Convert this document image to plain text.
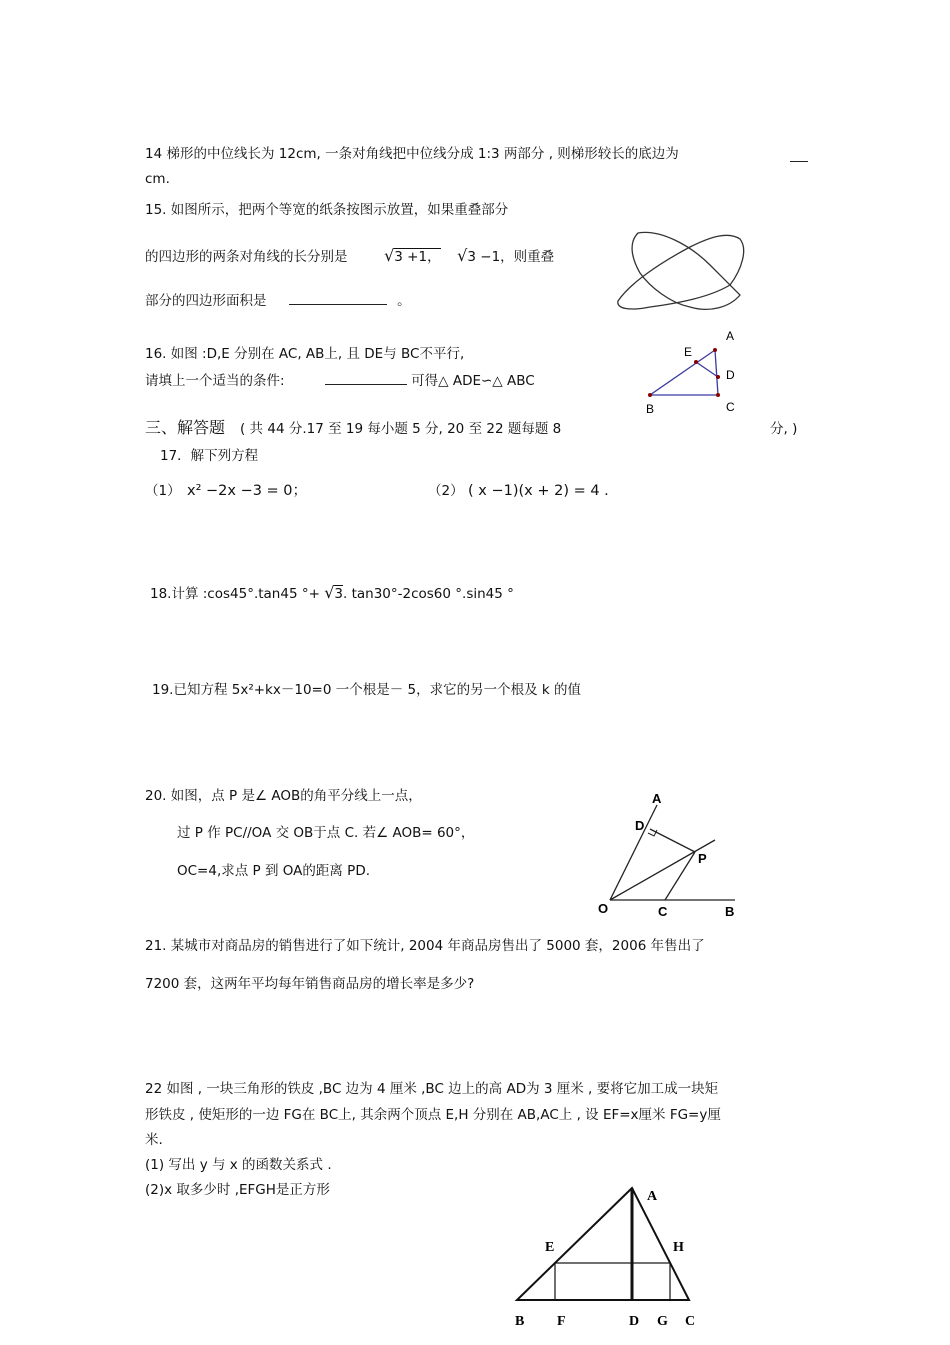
14 梯形的中位线长为 12cm, 一条对角线把中位线分成 1:3 两部分 , 则梯形较长的底边为
cm.
15. 如图所示，把两个等宽的纸条按图示放置，如果重叠部分
的四边形的两条对角线的长分别是 √3 +1， √3 −1，则重叠
部分的四边形面积是	。
16. 如图 :D,E 分别在 AC, AB上, 且 DE与 BC不平行,
请填上一个适当的条件:	可得△ ADE∽△ ABC
A
E
D
B	C
三、解答题 ( 共 44 分.17 至 19 每小题 5 分, 20 至 22 题每题 8	分, )
17．解下列方程
（1） x² −2x −3 = 0；	（2） ( x −1)(x + 2) = 4 .
18.计算 :cos45°.tan45 °+ √3. tan30°-2cos60 °.sin45 °
19.已知方程 5x²+kx－10=0 一个根是－ 5，求它的另一个根及 k 的值
20. 如图，点 P 是∠ AOB的角平分线上一点，
过 P 作 PC//OA 交 OB于点 C. 若∠ AOB= 60°，
OC=4,求点 P 到 OA的距离 PD.
A
D
P
O	C	B
21. 某城市对商品房的销售进行了如下统计, 2004 年商品房售出了 5000 套，2006 年售出了
7200 套，这两年平均每年销售商品房的增长率是多少?
22 如图 , 一块三角形的铁皮 ,BC 边为 4 厘米 ,BC 边上的高 AD为 3 厘米 , 要将它加工成一块矩
形铁皮 , 使矩形的一边 FG在 BC上, 其余两个顶点 E,H 分别在 AB,AC上 , 设 EF=x厘米 FG=y厘
米.
(1) 写出 y 与 x 的函数关系式 .
(2)x 取多少时 ,EFGH是正方形	A
E	H
B F	D G C
